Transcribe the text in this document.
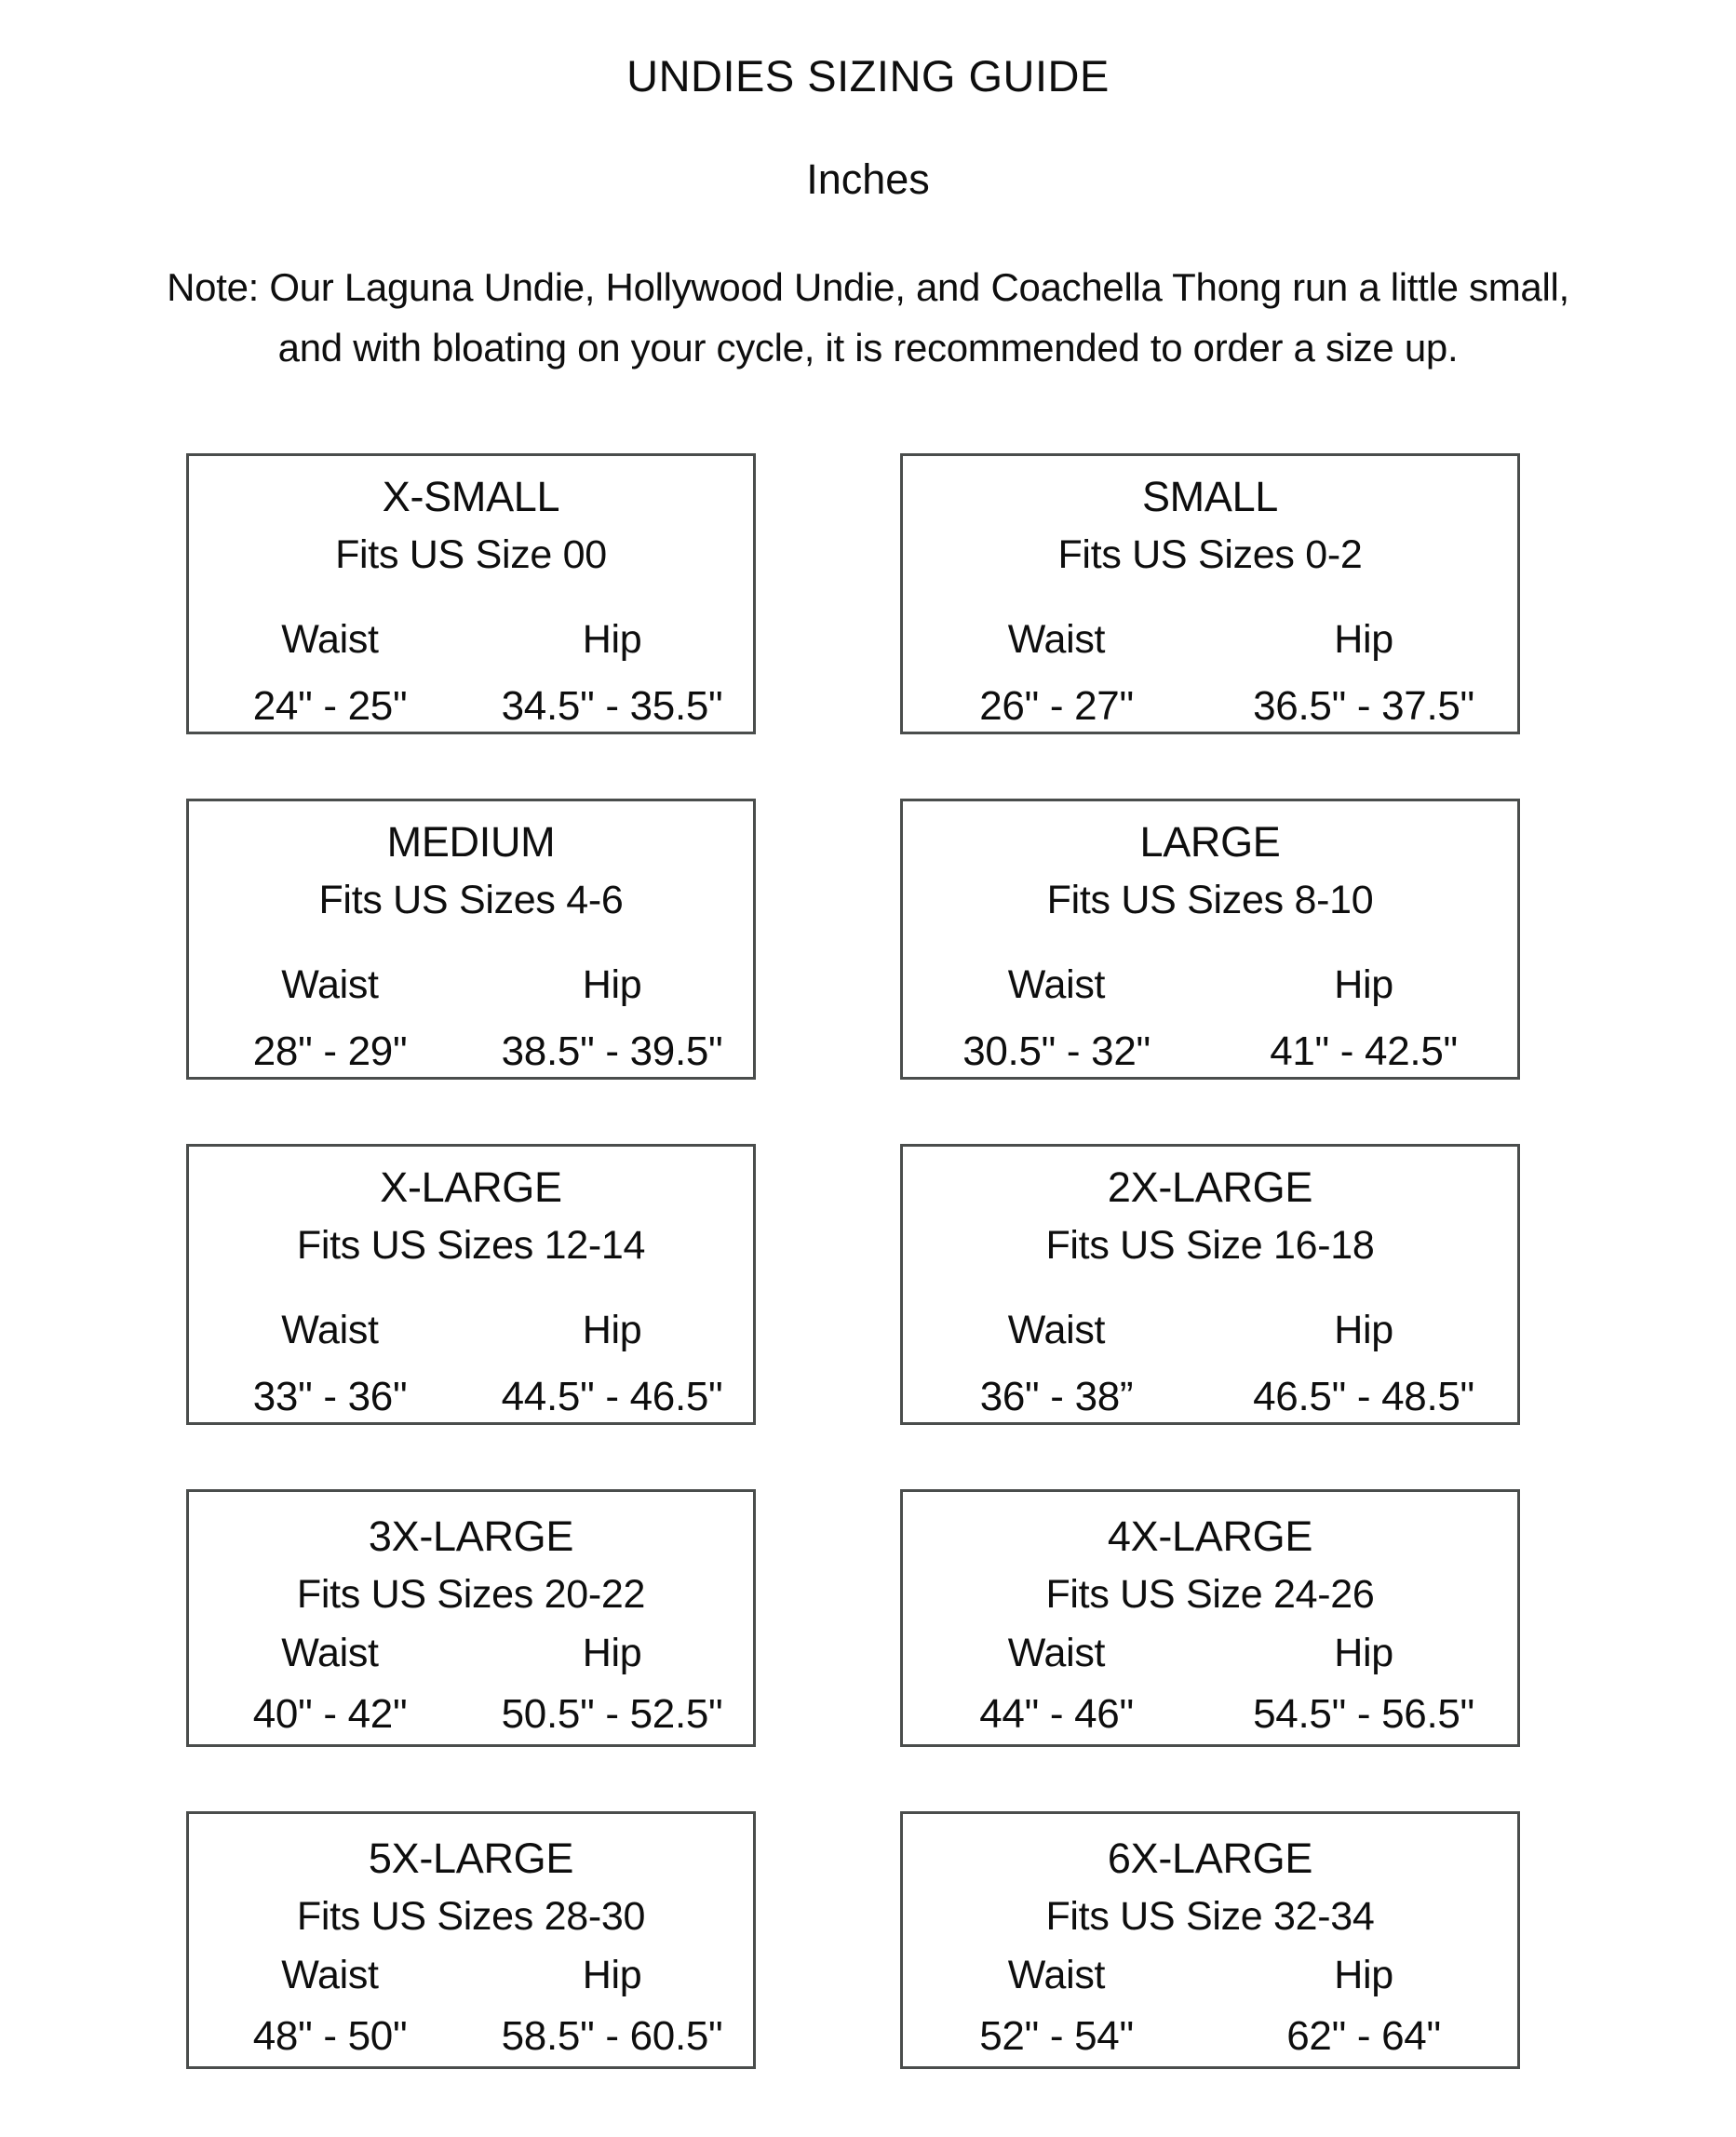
UNDIES SIZING GUIDE
Inches
Note: Our Laguna Undie, Hollywood Undie, and Coachella Thong run a little small,
and with bloating on your cycle, it is recommended to order a size up.
X-SMALL
Fits US Size 00
Waist	Hip
24" - 25"	34.5" - 35.5"
SMALL
Fits US Sizes 0-2
Waist	Hip
26" - 27"	36.5" - 37.5"
MEDIUM
Fits US Sizes 4-6
Waist	Hip
28" - 29"	38.5" - 39.5"
LARGE
Fits US Sizes 8-10
Waist	Hip
30.5" - 32"	41" - 42.5"
X-LARGE
Fits US Sizes 12-14
Waist	Hip
33" - 36"	44.5" - 46.5"
2X-LARGE
Fits US Size 16-18
Waist	Hip
36" - 38”	46.5" - 48.5"
3X-LARGE
Fits US Sizes 20-22
Waist	Hip
40" - 42"	50.5" - 52.5"
4X-LARGE
Fits US Size 24-26
Waist	Hip
44" - 46"	54.5" - 56.5"
5X-LARGE
Fits US Sizes 28-30
Waist	Hip
48" - 50"	58.5" - 60.5"
6X-LARGE
Fits US Size 32-34
Waist	Hip
52" - 54"	62" - 64"
